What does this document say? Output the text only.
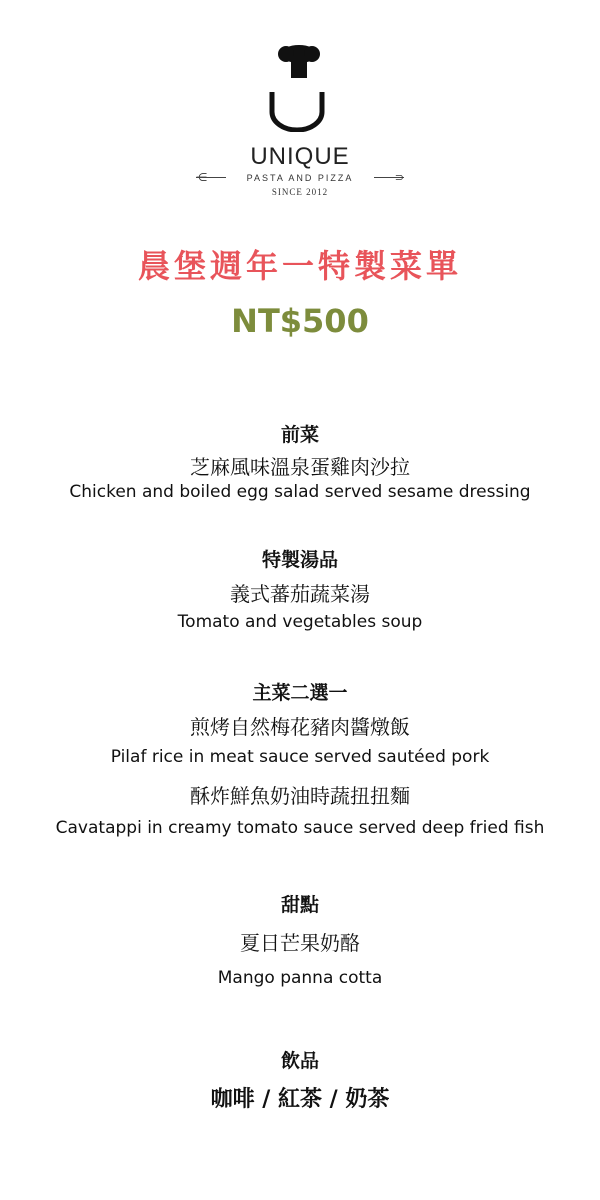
UNIQUE
PASTA AND PIZZA	⊃
SINCE 2012
晨堡週年一特製菜單
NT$500
前菜
芝麻風味溫泉蛋雞肉沙拉
Chicken and boiled egg salad served sesame dressing
特製湯品
義式蕃茄蔬菜湯
Tomato and vegetables soup
主菜二選一
煎烤自然梅花豬肉醬燉飯
Pilaf rice in meat sauce served sautéed pork
酥炸鮮魚奶油時蔬扭扭麵
Cavatappi in creamy tomato sauce served deep fried fish
甜點
夏日芒果奶酪
Mango panna cotta
飲品
咖啡 / 紅茶 / 奶茶
